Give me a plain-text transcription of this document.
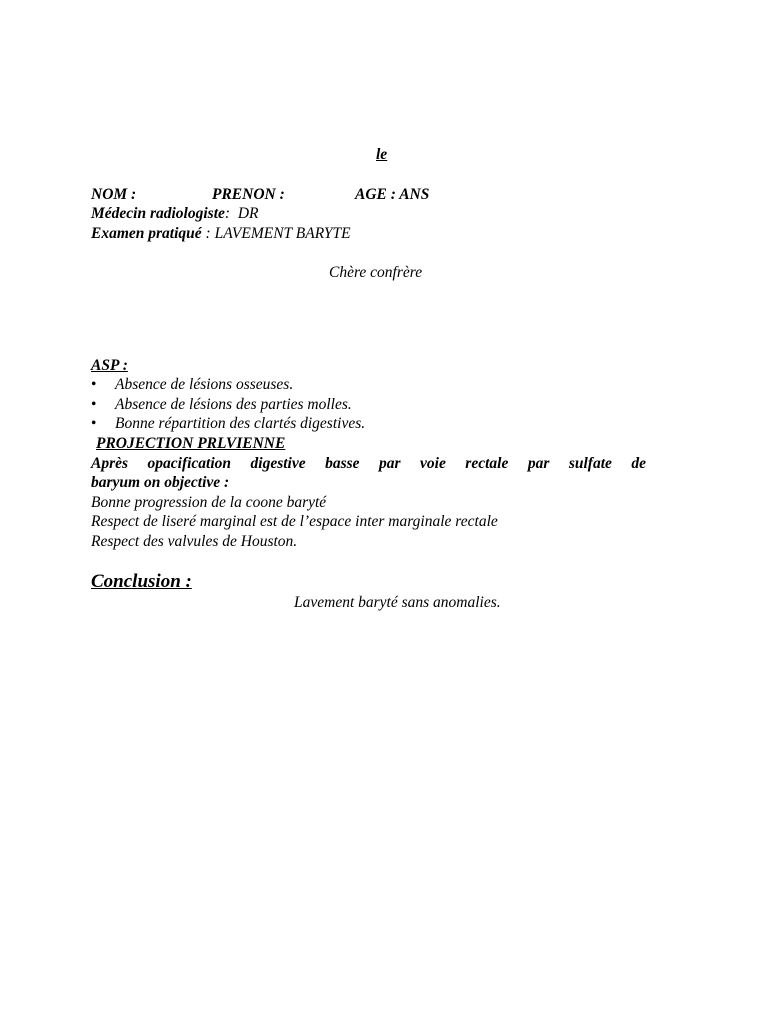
le
NOM :	PRENON :	AGE : ANS
Médecin radiologiste: DR
Examen pratiqué : LAVEMENT BARYTE
Chère confrère
ASP :
• Absence de lésions osseuses.
• Absence de lésions des parties molles.
• Bonne répartition des clartés digestives.
PROJECTION PRLVIENNE
Après opacification digestive basse par voie rectale par sulfate de
baryum on objective :
Bonne progression de la coone baryté
Respect de liseré marginal est de l’espace inter marginale rectale
Respect des valvules de Houston.
Conclusion :
Lavement baryté sans anomalies.
